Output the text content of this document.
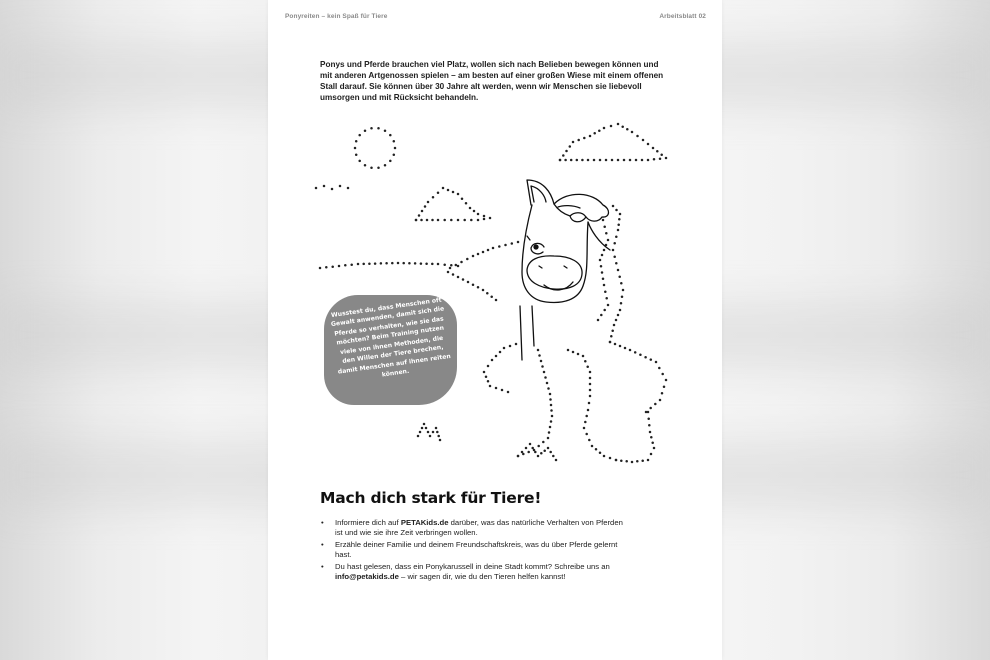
Ponyreiten – kein Spaß für Tiere	Arbeitsblatt 02

Ponys und Pferde brauchen viel Platz, wollen sich nach Belieben bewegen können und mit anderen Artgenossen spielen – am besten auf einer großen Wiese mit einem offenen Stall darauf. Sie können über 30 Jahre alt werden, wenn wir Menschen sie liebevoll umsorgen und mit Rücksicht behandeln.

Wusstest du, dass Menschen oft Gewalt anwenden, damit sich die Pferde so verhalten, wie sie das möchten? Beim Training nutzen viele von ihnen Methoden, die den Willen der Tiere brechen, damit Menschen auf ihnen reiten können.
Mach dich stark für Tiere!
• Informiere dich auf PETAKids.de darüber, was das natürliche Verhalten von Pferden ist und wie sie ihre Zeit verbringen wollen.
• Erzähle deiner Familie und deinem Freundschaftskreis, was du über Pferde gelernt hast.
• Du hast gelesen, dass ein Ponykarussell in deine Stadt kommt? Schreibe uns an info@petakids.de – wir sagen dir, wie du den Tieren helfen kannst!
